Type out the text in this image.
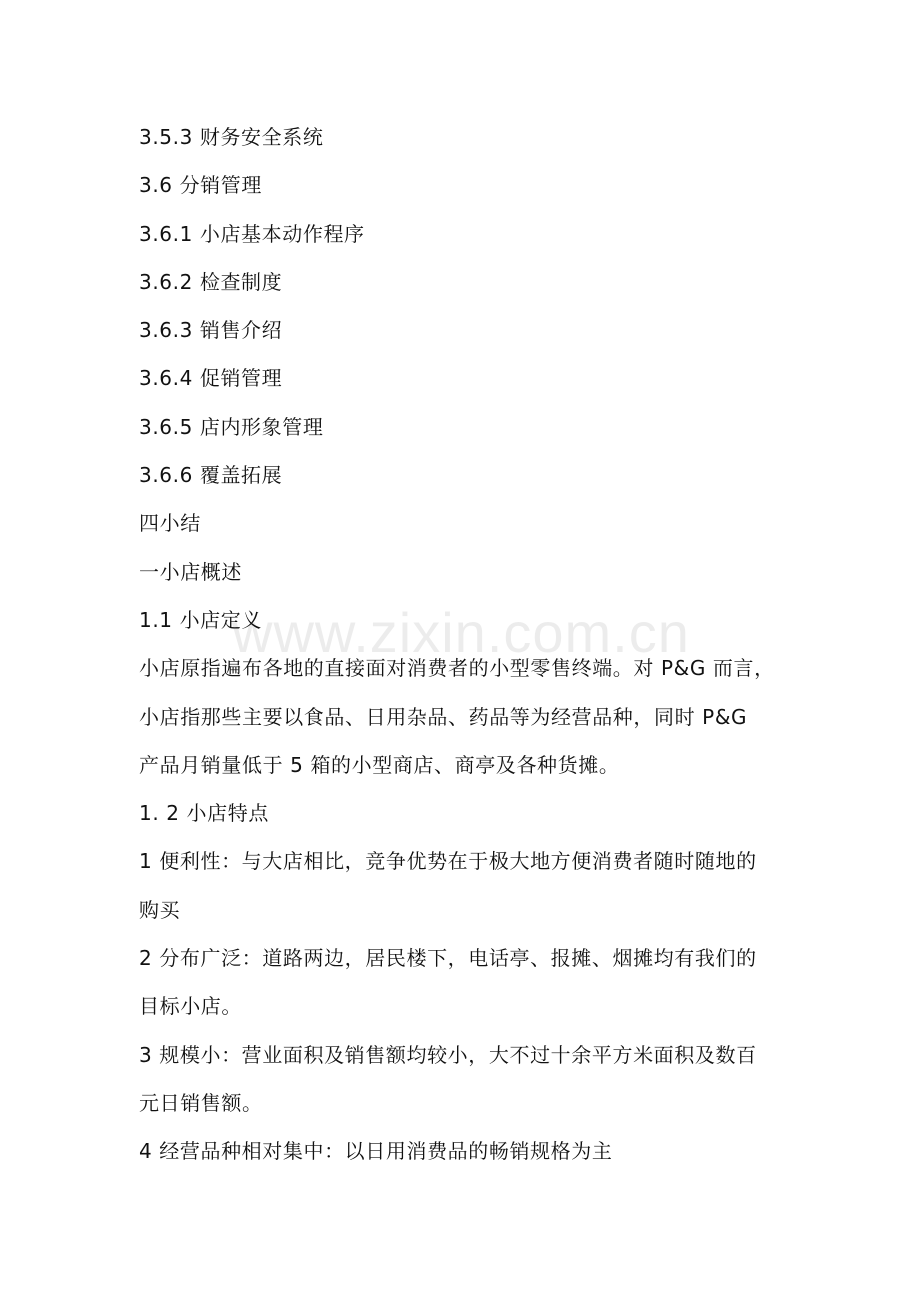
www.zixin.com.cn
3.5.3 财务安全系统
3.6 分销管理
3.6.1 小店基本动作程序
3.6.2 检查制度
3.6.3 销售介绍
3.6.4 促销管理
3.6.5 店内形象管理
3.6.6 覆盖拓展
四小结
一小店概述
1.1 小店定义
小店原指遍布各地的直接面对消费者的小型零售终端。对 P&G 而言，
小店指那些主要以食品、日用杂品、药品等为经营品种，同时 P&G
产品月销量低于 5 箱的小型商店、商亭及各种货摊。
1. 2 小店特点
1 便利性：与大店相比，竞争优势在于极大地方便消费者随时随地的
购买
2 分布广泛：道路两边，居民楼下，电话亭、报摊、烟摊均有我们的
目标小店。
3 规模小：营业面积及销售额均较小，大不过十余平方米面积及数百
元日销售额。
4 经营品种相对集中：以日用消费品的畅销规格为主
